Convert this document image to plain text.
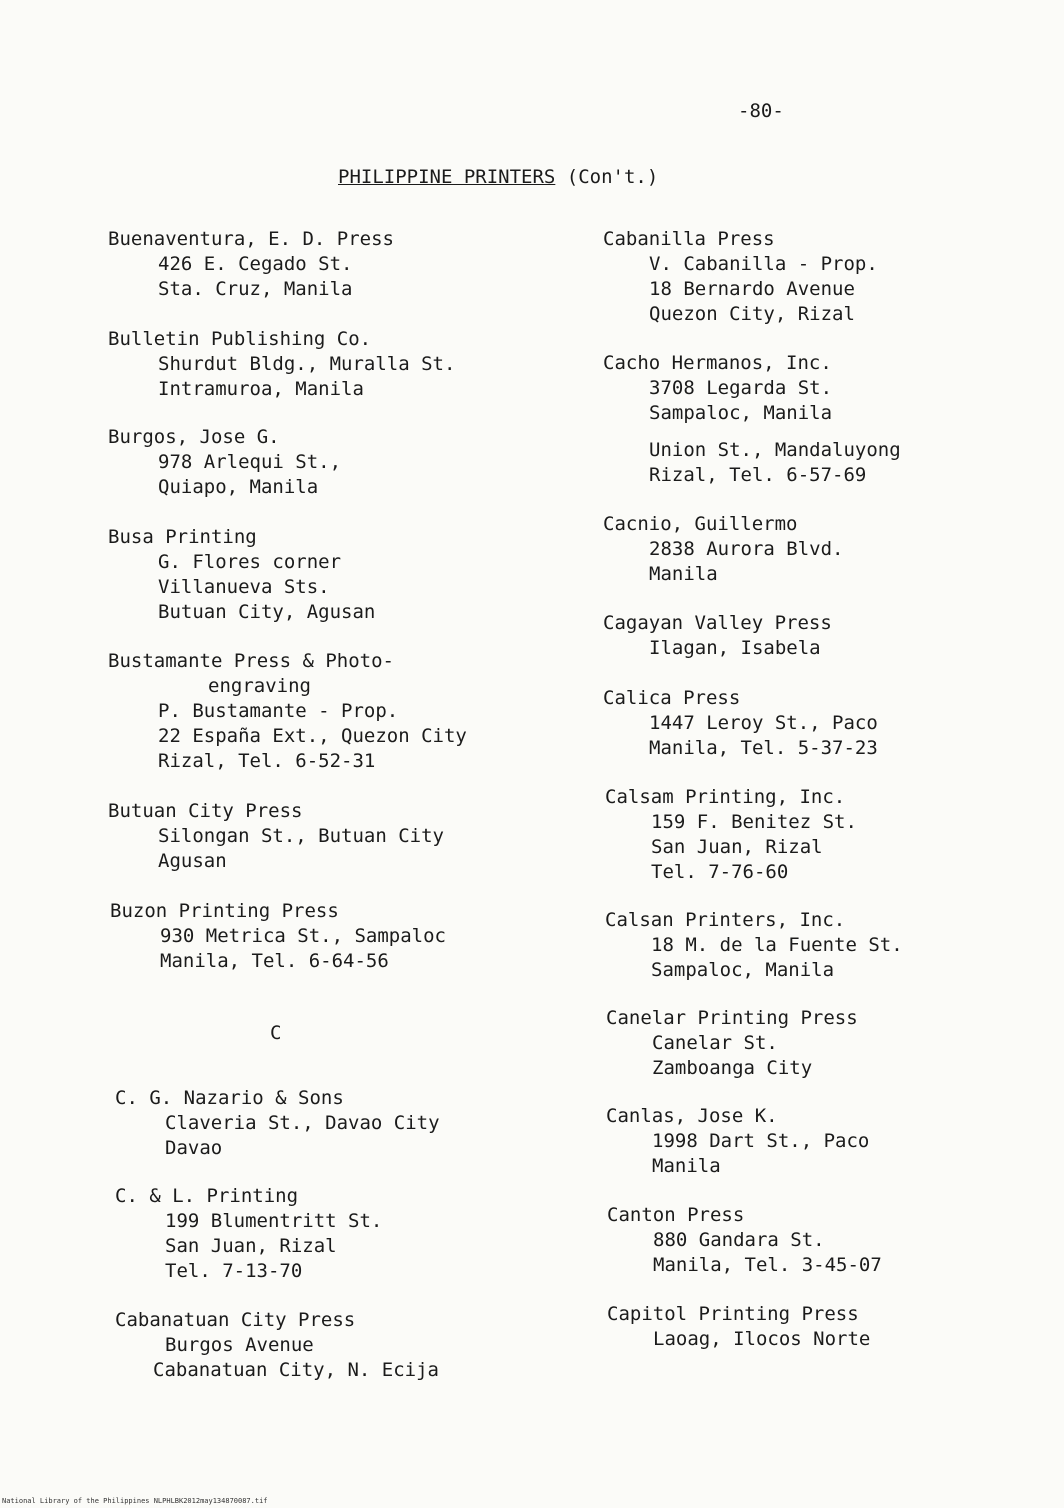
-80-
PHILIPPINE PRINTERS (Con't.)
Buenaventura, E. D. Press
426 E. Cegado St.
Sta. Cruz, Manila
Bulletin Publishing Co.
Shurdut Bldg., Muralla St.
Intramuroa, Manila
Burgos, Jose G.
978 Arlequi St.,
Quiapo, Manila
Busa Printing
G. Flores corner
Villanueva Sts.
Butuan City, Agusan
Bustamante Press & Photo-
engraving
P. Bustamante - Prop.
22 España Ext., Quezon City
Rizal, Tel. 6-52-31
Butuan City Press
Silongan St., Butuan City
Agusan
Buzon Printing Press
930 Metrica St., Sampaloc
Manila, Tel. 6-64-56
C
C. G. Nazario & Sons
Claveria St., Davao City
Davao
C. & L. Printing
199 Blumentritt St.
San Juan, Rizal
Tel. 7-13-70
Cabanatuan City Press
Burgos Avenue
Cabanatuan City, N. Ecija
Cabanilla Press
V. Cabanilla - Prop.
18 Bernardo Avenue
Quezon City, Rizal
Cacho Hermanos, Inc.
3708 Legarda St.
Sampaloc, Manila
Union St., Mandaluyong
Rizal, Tel. 6-57-69
Cacnio, Guillermo
2838 Aurora Blvd.
Manila
Cagayan Valley Press
Ilagan, Isabela
Calica Press
1447 Leroy St., Paco
Manila, Tel. 5-37-23
Calsam Printing, Inc.
159 F. Benitez St.
San Juan, Rizal
Tel. 7-76-60
Calsan Printers, Inc.
18 M. de la Fuente St.
Sampaloc, Manila
Canelar Printing Press
Canelar St.
Zamboanga City
Canlas, Jose K.
1998 Dart St., Paco
Manila
Canton Press
880 Gandara St.
Manila, Tel. 3-45-07
Capitol Printing Press
Laoag, Ilocos Norte
National Library of the Philippines NLPHLBK2012may134870087.tif
